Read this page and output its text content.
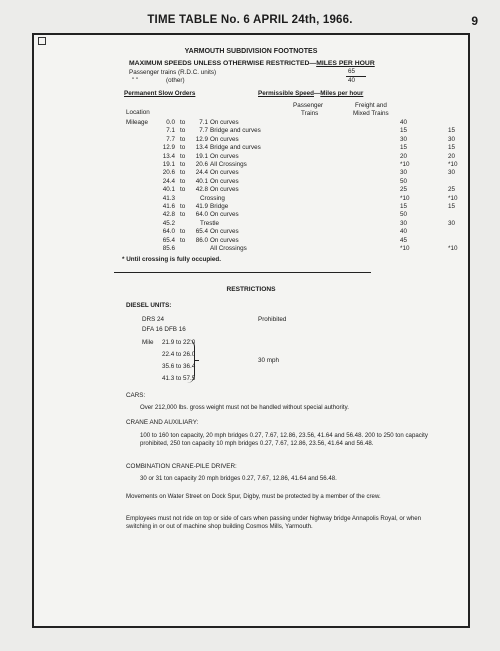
TIME TABLE No. 6 APRIL 24th, 1966.	9
YARMOUTH SUBDIVISION FOOTNOTES
MAXIMUM SPEEDS UNLESS OTHERWISE RESTRICTED—MILES PER HOUR
Passenger trains (R.D.C. units)	65
" "	(other)	40
Permanent Slow Orders	Permissible Speed—Miles per hour
Passenger	Freight and
Location	Trains	Mixed Trains
Mileage	0.0 to	7.1 On curves	40
7.1 to	7.7 Bridge and curves	15	15
7.7 to	12.9 On curves	30	30
12.9 to	13.4 Bridge and curves	15	15
13.4 to	19.1 On curves	20	20
19.1 to	20.6 All Crossings	*10	*10
20.6 to	24.4 On curves	30	30
24.4 to	40.1 On curves	50
40.1 to	42.8 On curves	25	25
41.3	Crossing	*10	*10
41.6 to	41.9 Bridge	15	15
42.8 to	64.0 On curves	50
45.2	Trestle	30	30
64.0 to	65.4 On curves	40
65.4 to	86.0 On curves	45
85.6	All Crossings	*10	*10
* Until crossing is fully occupied.
RESTRICTIONS
DIESEL UNITS:
DRS 24	Prohibited
DFA 16 DFB 16
Mile 21.9 to 22.0
22.4 to 26.0
35.6 to 36.4
41.3 to 57.5
30 mph
CARS:
Over 212,000 lbs. gross weight must not be handled without special authority.
CRANE AND AUXILIARY:
100 to 160 ton capacity, 20 mph bridges 0.27, 7.67, 12.86, 23.56, 41.64 and 56.48. 200 to 250 ton capacity prohibited, 250 ton capacity 10 mph bridges 0.27, 7.67, 12.86, 23.56, 41.64 and 56.48.
COMBINATION CRANE-PILE DRIVER:
30 or 31 ton capacity 20 mph bridges 0.27, 7.67, 12.86, 41.64 and 56.48.
Movements on Water Street on Dock Spur, Digby, must be protected by a member of the crew.
Employees must not ride on top or side of cars when passing under highway bridge Annapolis Royal, or when switching in or out of machine shop building Cosmos Mills, Yarmouth.
